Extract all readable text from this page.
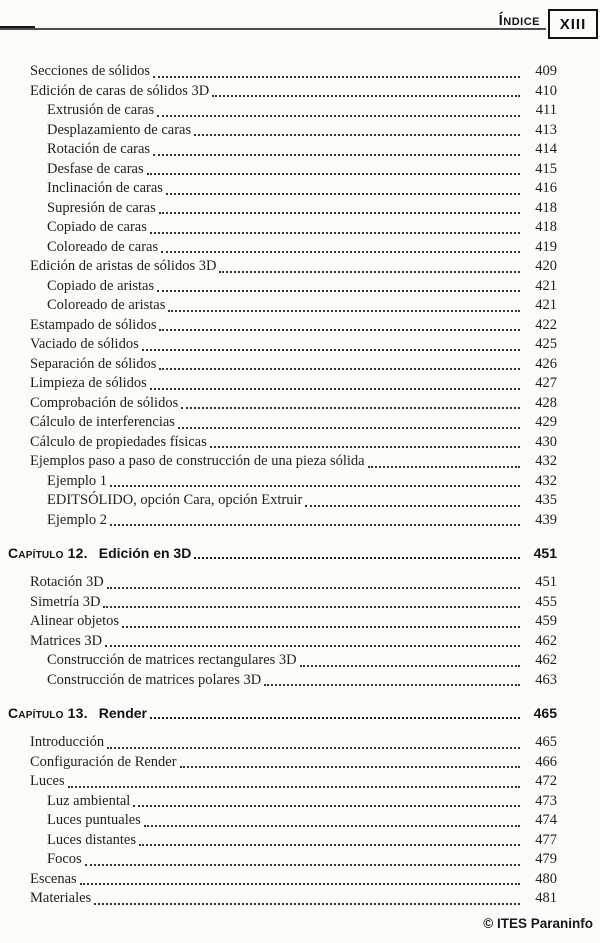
Índice XIII
Secciones de sólidos	409
Edición de caras de sólidos 3D	410
Extrusión de caras	411
Desplazamiento de caras	413
Rotación de caras	414
Desfase de caras	415
Inclinación de caras	416
Supresión de caras	418
Copiado de caras	418
Coloreado de caras	419
Edición de aristas de sólidos 3D	420
Copiado de aristas	421
Coloreado de aristas	421
Estampado de sólidos	422
Vaciado de sólidos	425
Separación de sólidos	426
Limpieza de sólidos	427
Comprobación de sólidos	428
Cálculo de interferencias	429
Cálculo de propiedades físicas	430
Ejemplos paso a paso de construcción de una pieza sólida	432
Ejemplo 1	432
EDITSÓLIDO, opción Cara, opción Extruir	435
Ejemplo 2	439
Capítulo 12. Edición en 3D	451
Rotación 3D	451
Simetría 3D	455
Alinear objetos	459
Matrices 3D	462
Construcción de matrices rectangulares 3D	462
Construcción de matrices polares 3D	463
Capítulo 13. Render	465
Introducción	465
Configuración de Render	466
Luces	472
Luz ambiental	473
Luces puntuales	474
Luces distantes	477
Focos	479
Escenas	480
Materiales	481
© ITES Paraninfo
